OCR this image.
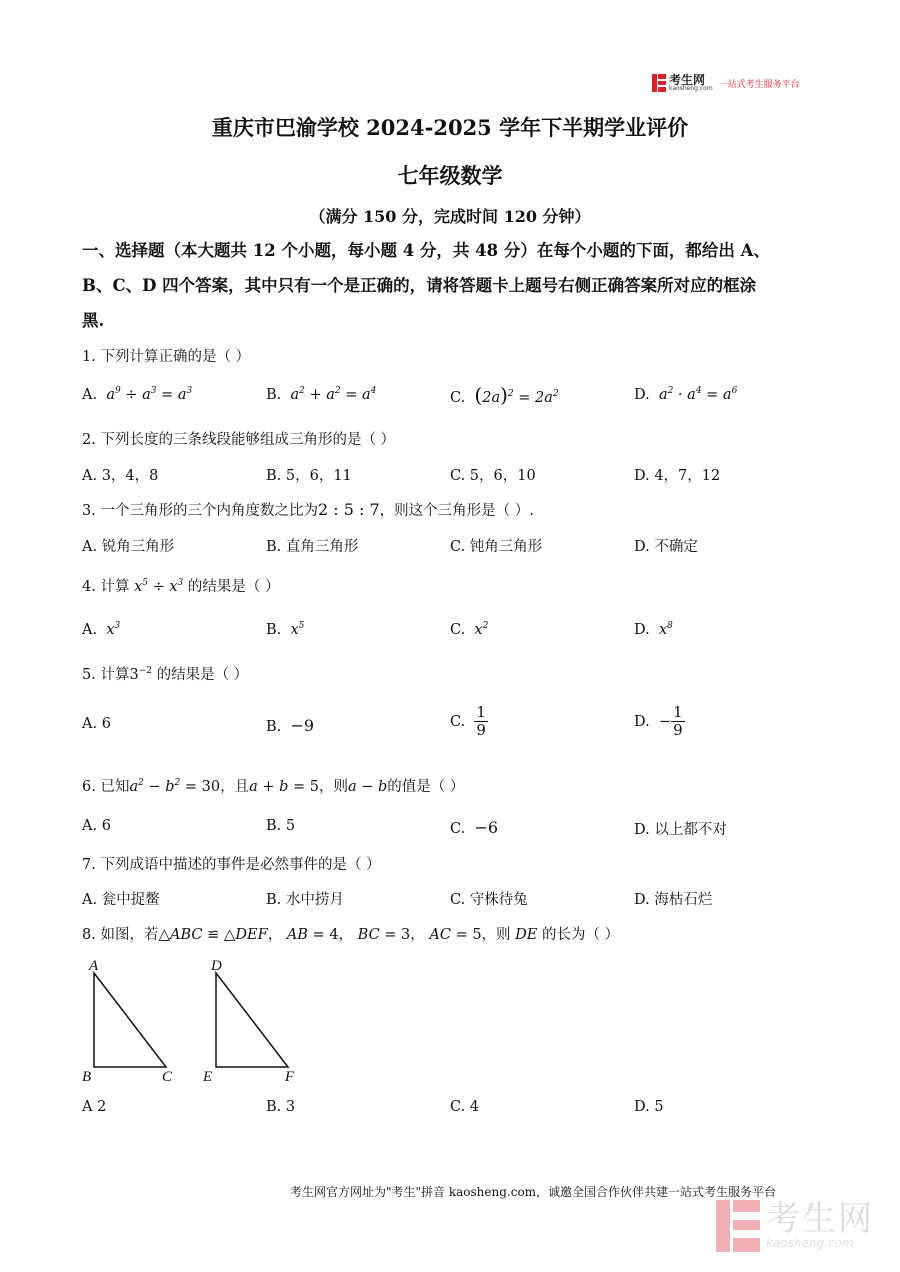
考生网
kaosheng.com 一站式考生服务平台
重庆市巴渝学校 2024-2025 学年下半期学业评价
七年级数学
（满分 150 分，完成时间 120 分钟）
一、选择题（本大题共 12 个小题，每小题 4 分，共 48 分）在每个小题的下面，都给出 A、
B、C、D 四个答案，其中只有一个是正确的，请将答题卡上题号右侧正确答案所对应的框涂
黑.
1. 下列计算正确的是（ ）
A. $a^9 \div a^3 = a^3$	B. $a^2 + a^2 = a^4$	C. $(2a)^2 = 2a^2$	D. $a^2 \cdot a^4 = a^6$
2. 下列长度的三条线段能够组成三角形的是（ ）
A. 3，4，8	B. 5，6，11	C. 5，6，10	D. 4，7，12
3. 一个三角形的三个内角度数之比为2 : 5 : 7，则这个三角形是（ ）.
A. 锐角三角形	B. 直角三角形	C. 钝角三角形	D. 不确定
4. 计算 $x^5 \div x^3$ 的结果是（ ）
A. $x^3$	B. $x^5$	C. $x^2$	D. $x^8$
5. 计算$3^{-2}$ 的结果是（ ）
A. 6	B. −9	C. $\frac{1}{9}$	D. − $\frac{1}{9}$
6. 已知$a^2 - b^2 = 30$，且a + b = 5，则a − b的值是（ ）
A. 6	B. 5	C. −6	D. 以上都不对
7. 下列成语中描述的事件是必然事件的是（ ）
A. 瓮中捉鳖	B. 水中捞月	C. 守株待兔	D. 海枯石烂
8. 如图，若△ABC ≌ △DEF， AB = 4， BC = 3， AC = 5，则 DE 的长为（ ）
A
B	C
D
E	F
A 2	B. 3	C. 4	D. 5
考生网官方网址为"考生"拼音 kaosheng.com，诚邀全国合作伙伴共建一站式考生服务平台
考生网
kaosheng.com
